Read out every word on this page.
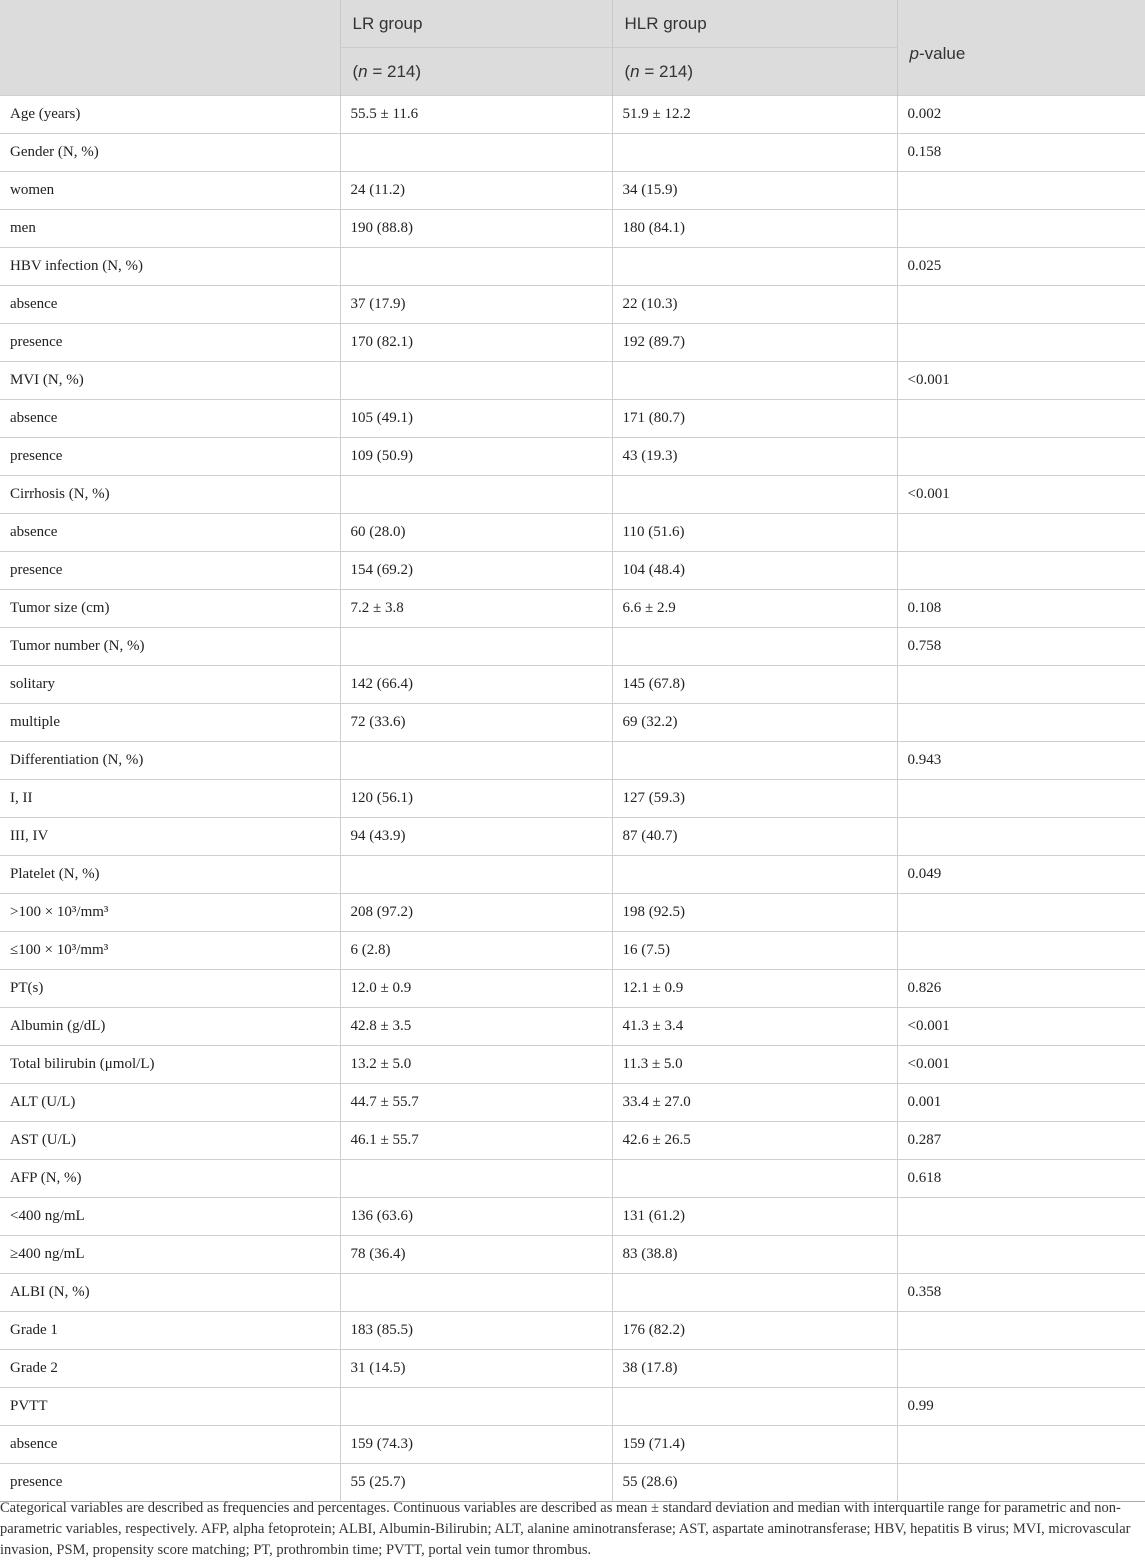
	LR group	HLR group	p-value
	(n = 214)	(n = 214)	
Age (years)	55.5 ± 11.6	51.9 ± 12.2	0.002
Gender (N, %)			0.158
women	24 (11.2)	34 (15.9)	
men	190 (88.8)	180 (84.1)	
HBV infection (N, %)			0.025
absence	37 (17.9)	22 (10.3)	
presence	170 (82.1)	192 (89.7)	
MVI (N, %)			<0.001
absence	105 (49.1)	171 (80.7)	
presence	109 (50.9)	43 (19.3)	
Cirrhosis (N, %)			<0.001
absence	60 (28.0)	110 (51.6)	
presence	154 (69.2)	104 (48.4)	
Tumor size (cm)	7.2 ± 3.8	6.6 ± 2.9	0.108
Tumor number (N, %)			0.758
solitary	142 (66.4)	145 (67.8)	
multiple	72 (33.6)	69 (32.2)	
Differentiation (N, %)			0.943
I, II	120 (56.1)	127 (59.3)	
III, IV	94 (43.9)	87 (40.7)	
Platelet (N, %)			0.049
>100 × 10³/mm³	208 (97.2)	198 (92.5)	
≤100 × 10³/mm³	6 (2.8)	16 (7.5)	
PT(s)	12.0 ± 0.9	12.1 ± 0.9	0.826
Albumin (g/dL)	42.8 ± 3.5	41.3 ± 3.4	<0.001
Total bilirubin (μmol/L)	13.2 ± 5.0	11.3 ± 5.0	<0.001
ALT (U/L)	44.7 ± 55.7	33.4 ± 27.0	0.001
AST (U/L)	46.1 ± 55.7	42.6 ± 26.5	0.287
AFP (N, %)			0.618
<400 ng/mL	136 (63.6)	131 (61.2)	
≥400 ng/mL	78 (36.4)	83 (38.8)	
ALBI (N, %)			0.358
Grade 1	183 (85.5)	176 (82.2)	
Grade 2	31 (14.5)	38 (17.8)	
PVTT			0.99
absence	159 (74.3)	159 (71.4)	
presence	55 (25.7)	55 (28.6)	
Categorical variables are described as frequencies and percentages. Continuous variables are described as mean ± standard deviation and median with interquartile range for parametric and non-parametric variables, respectively. AFP, alpha fetoprotein; ALBI, Albumin-Bilirubin; ALT, alanine aminotransferase; AST, aspartate aminotransferase; HBV, hepatitis B virus; MVI, microvascular invasion, PSM, propensity score matching; PT, prothrombin time; PVTT, portal vein tumor thrombus.
